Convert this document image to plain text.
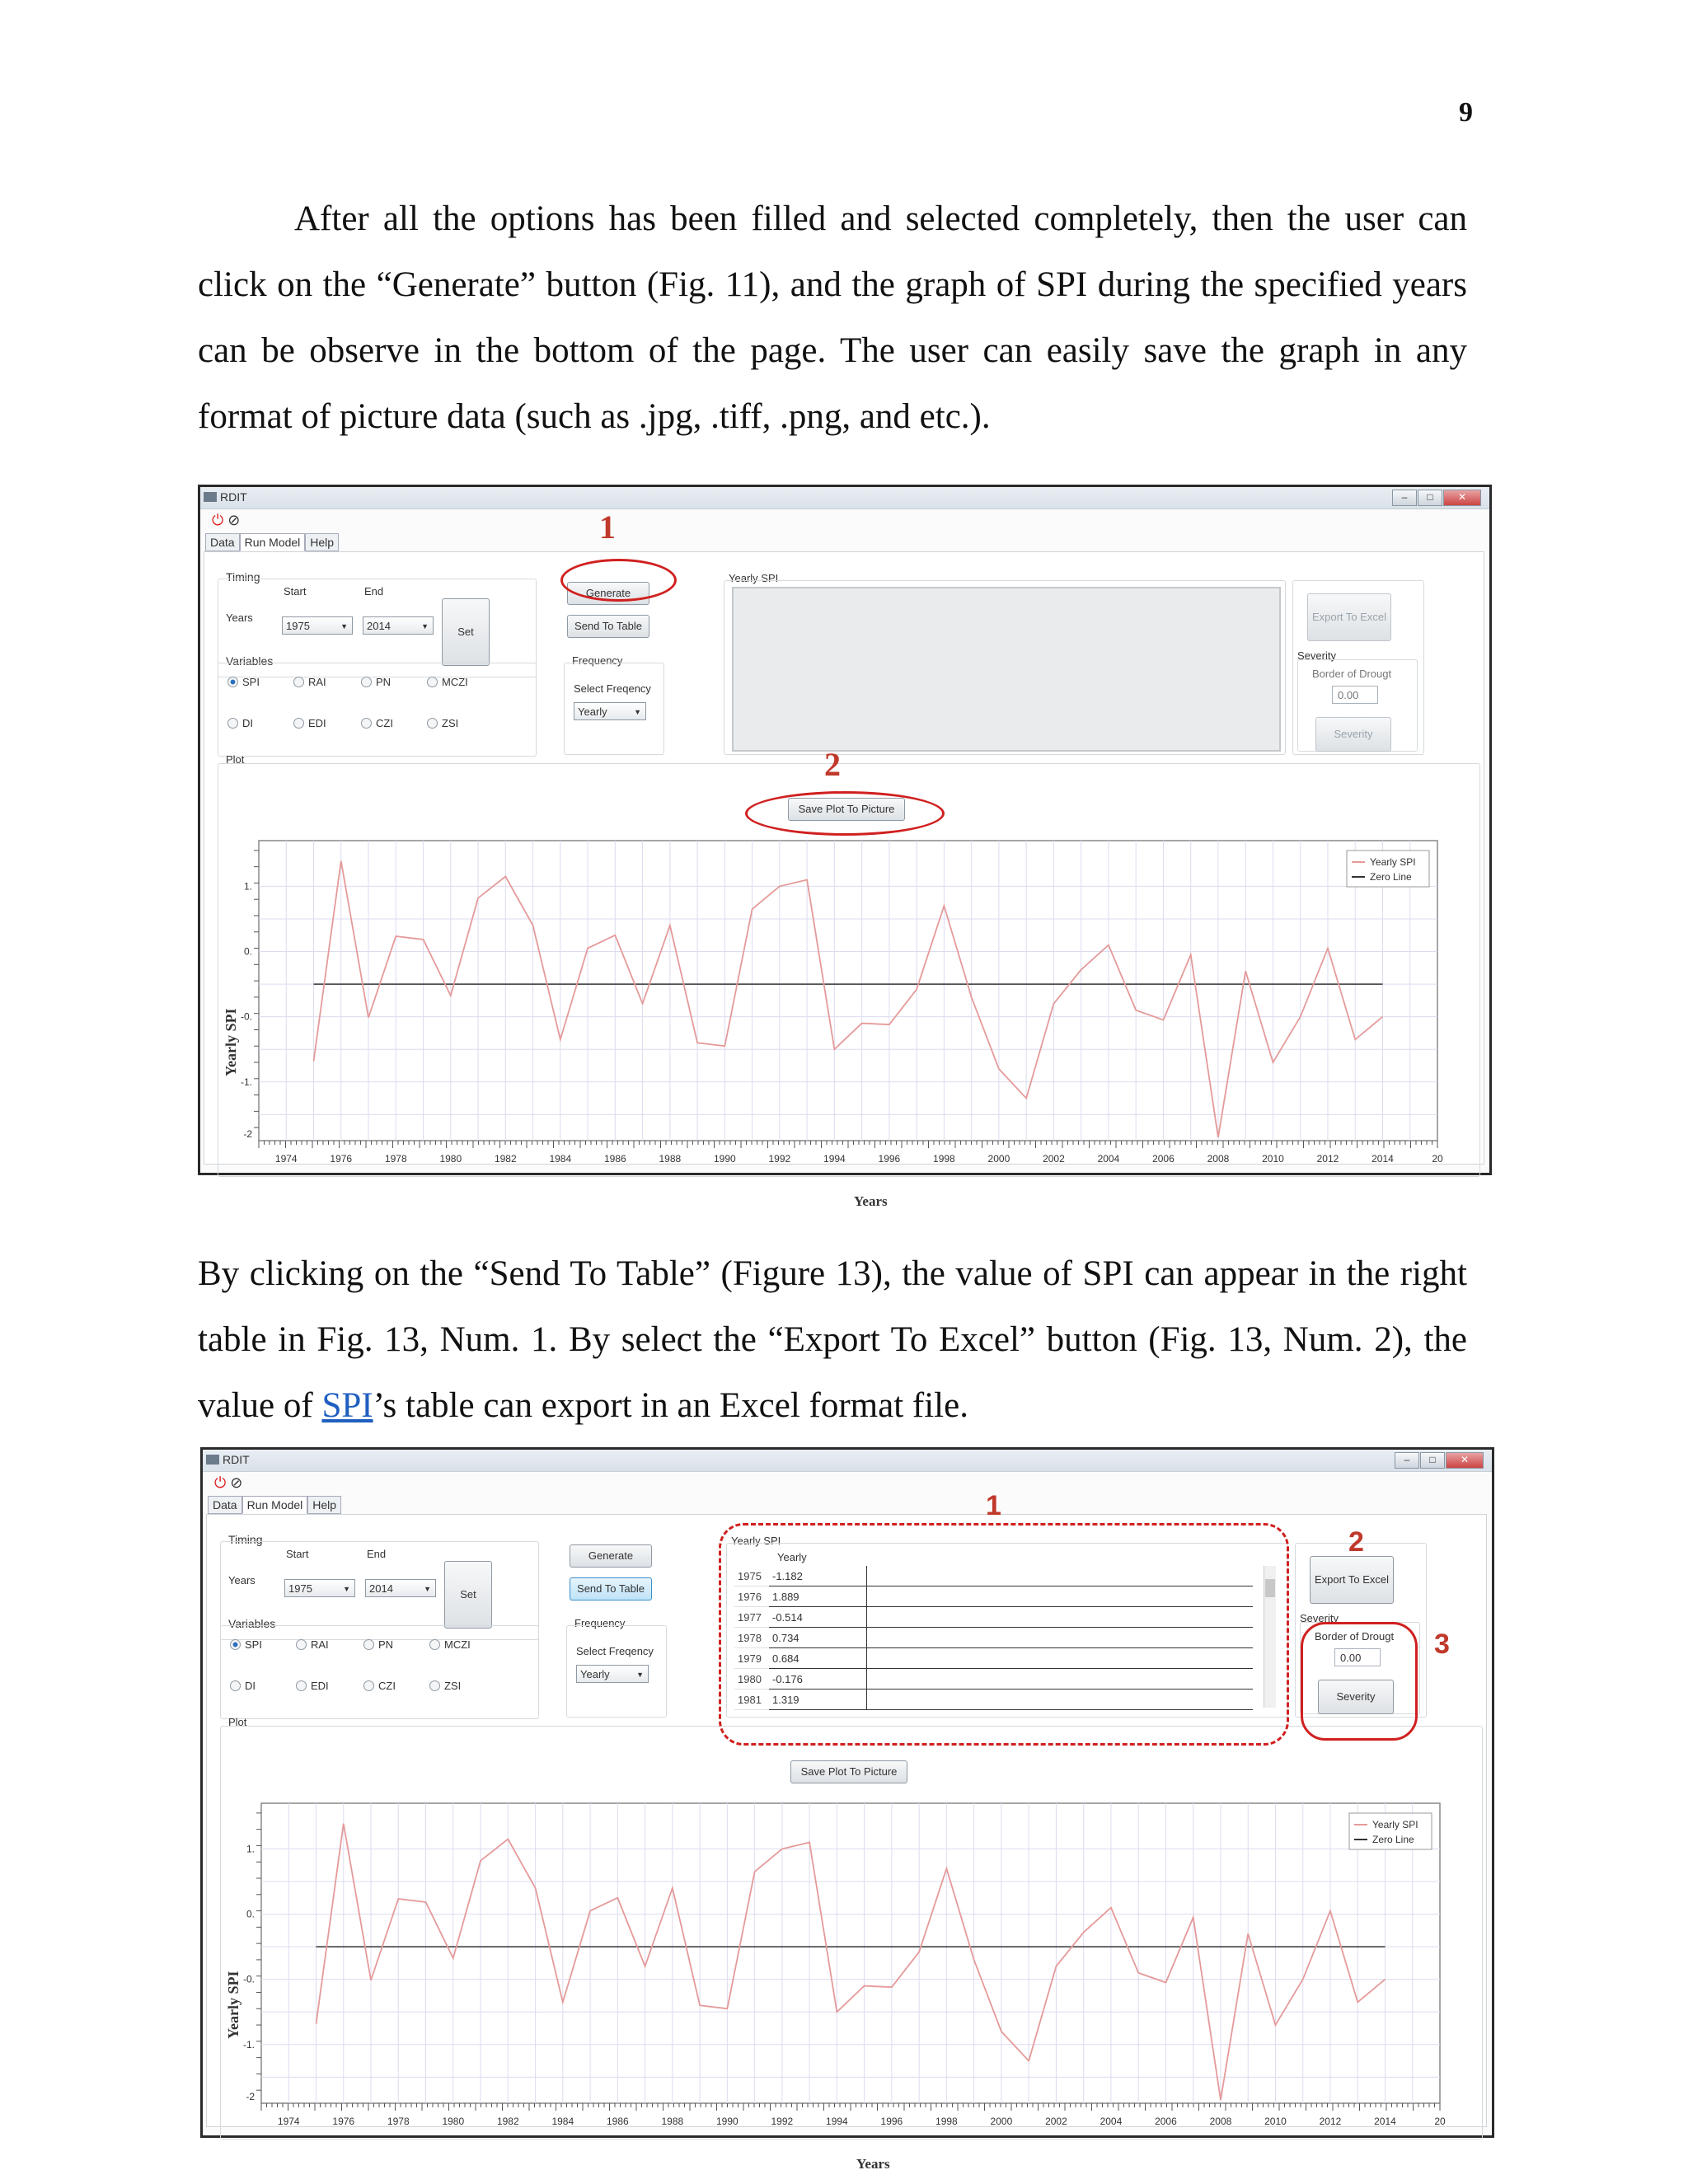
9

After all the options has been filled and selected completely, then the user can click on the “Generate” button (Fig. 11), and the graph of SPI during the specified years can be observe in the bottom of the page. The user can easily save the graph in any format of picture data (such as .jpg, .tiff, .png, and etc.).

By clicking on the “Send To Table” (Figure 13), the value of SPI can appear in the right table in Fig. 13, Num. 1. By select the “Export To Excel” button (Fig. 13, Num. 2), the value of SPI’s table can export in an Excel format file.

RDIT	–	□	✕
⏻ ⊘
Data Run Model Help
Timing
Start	End
Years
1975	▼	2014	▼	Set
Variables
SPI	RAI	PN	MCZI
DI	EDI	CZI	ZSI
Generate
Send To Table
Frequency
Select Freqency
Yearly	▼
Yearly SPI
Export To Excel
Severity
Border of Drougt
0.00
Severity
Plot
Save Plot To Picture
1974	1976	1978	1980	1982	1984	1986	1988	1990	1992	1994	1996	1998	2000	2002	2004	2006	2008	2010	2012	2014	20
1.
0.
-0.
-1.
-2
Yearly SPI
Zero Line
Yearly SPI
Years
1
2
RDIT	–	□	✕
⏻ ⊘
Data Run Model Help
Timing
Start	End
Years
1975	▼	2014	▼	Set
Variables
SPI	RAI	PN	MCZI
DI	EDI	CZI	ZSI
Generate
Send To Table
Frequency
Select Freqency
Yearly	▼
Yearly SPI
Yearly
1975	-1.182	
1976	1.889	
1977	-0.514	
1978	0.734	
1979	0.684	
1980	-0.176	
1981	1.319	
Export To Excel
Severity
Border of Drougt
0.00
Severity
Plot
Save Plot To Picture
1974	1976	1978	1980	1982	1984	1986	1988	1990	1992	1994	1996	1998	2000	2002	2004	2006	2008	2010	2012	2014	20
1.
0.
-0.
-1.
-2
Yearly SPI
Zero Line
Yearly SPI
Years
1
2
3
